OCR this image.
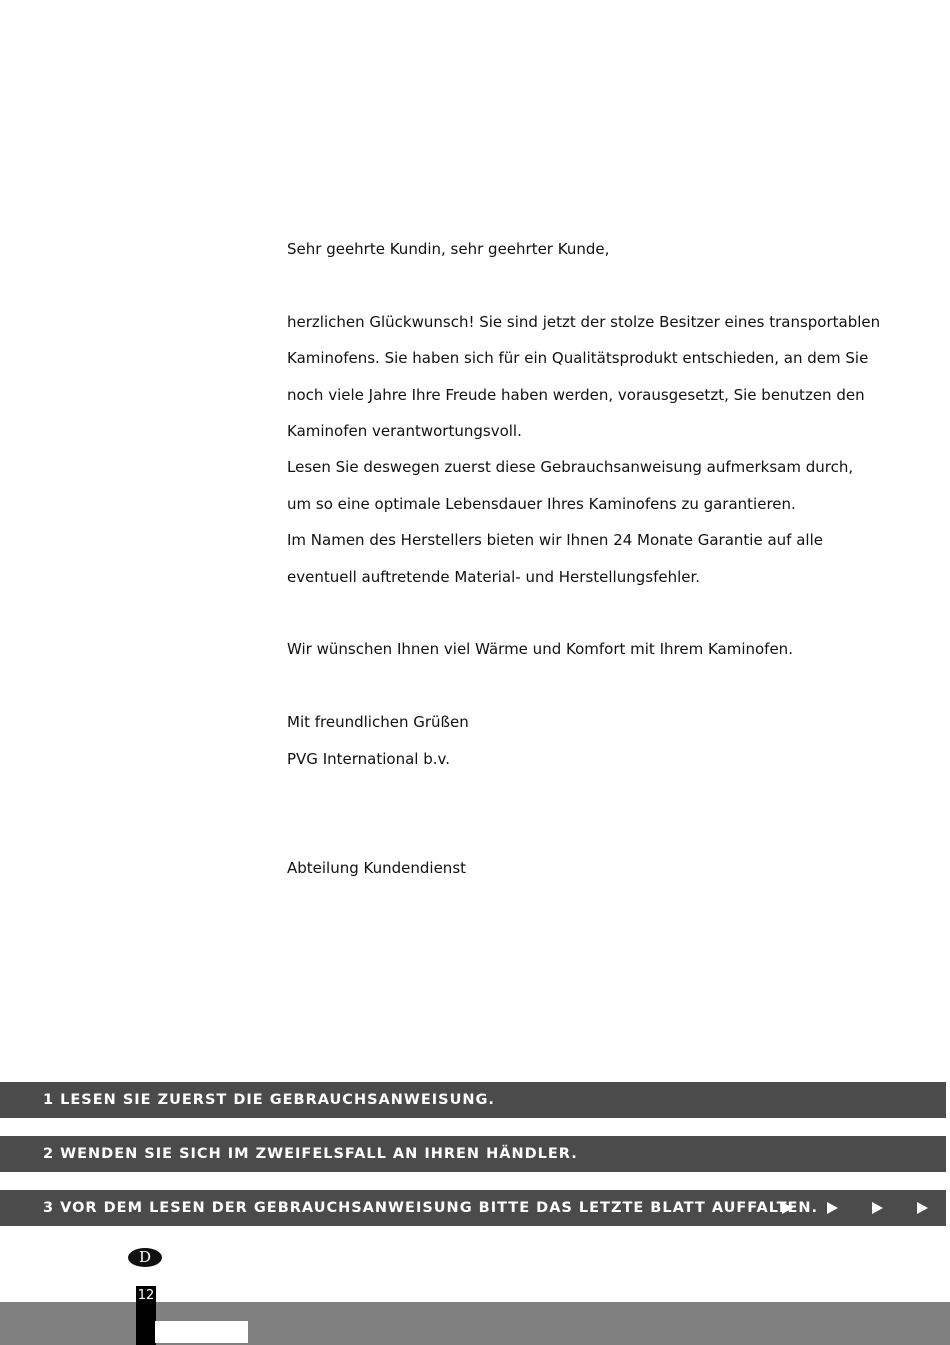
Sehr geehrte Kundin, sehr geehrter Kunde,

herzlichen Glückwunsch! Sie sind jetzt der stolze Besitzer eines transportablen

Kaminofens. Sie haben sich für ein Qualitätsprodukt entschieden, an dem Sie

noch viele Jahre Ihre Freude haben werden, vorausgesetzt, Sie benutzen den

Kaminofen verantwortungsvoll.

Lesen Sie deswegen zuerst diese Gebrauchsanweisung aufmerksam durch,

um so eine optimale Lebensdauer Ihres Kaminofens zu garantieren.

Im Namen des Herstellers bieten wir Ihnen 24 Monate Garantie auf alle

eventuell auftretende Material- und Herstellungsfehler.

Wir wünschen Ihnen viel Wärme und Komfort mit Ihrem Kaminofen.

Mit freundlichen Grüßen

PVG International b.v.

Abteilung Kundendienst

1 LESEN SIE ZUERST DIE GEBRAUCHSANWEISUNG.
2 WENDEN SIE SICH IM ZWEIFELSFALL AN IHREN HÄNDLER.
3 VOR DEM LESEN DER GEBRAUCHSANWEISUNG BITTE DAS LETZTE BLATT AUFFALTEN.

D
12
